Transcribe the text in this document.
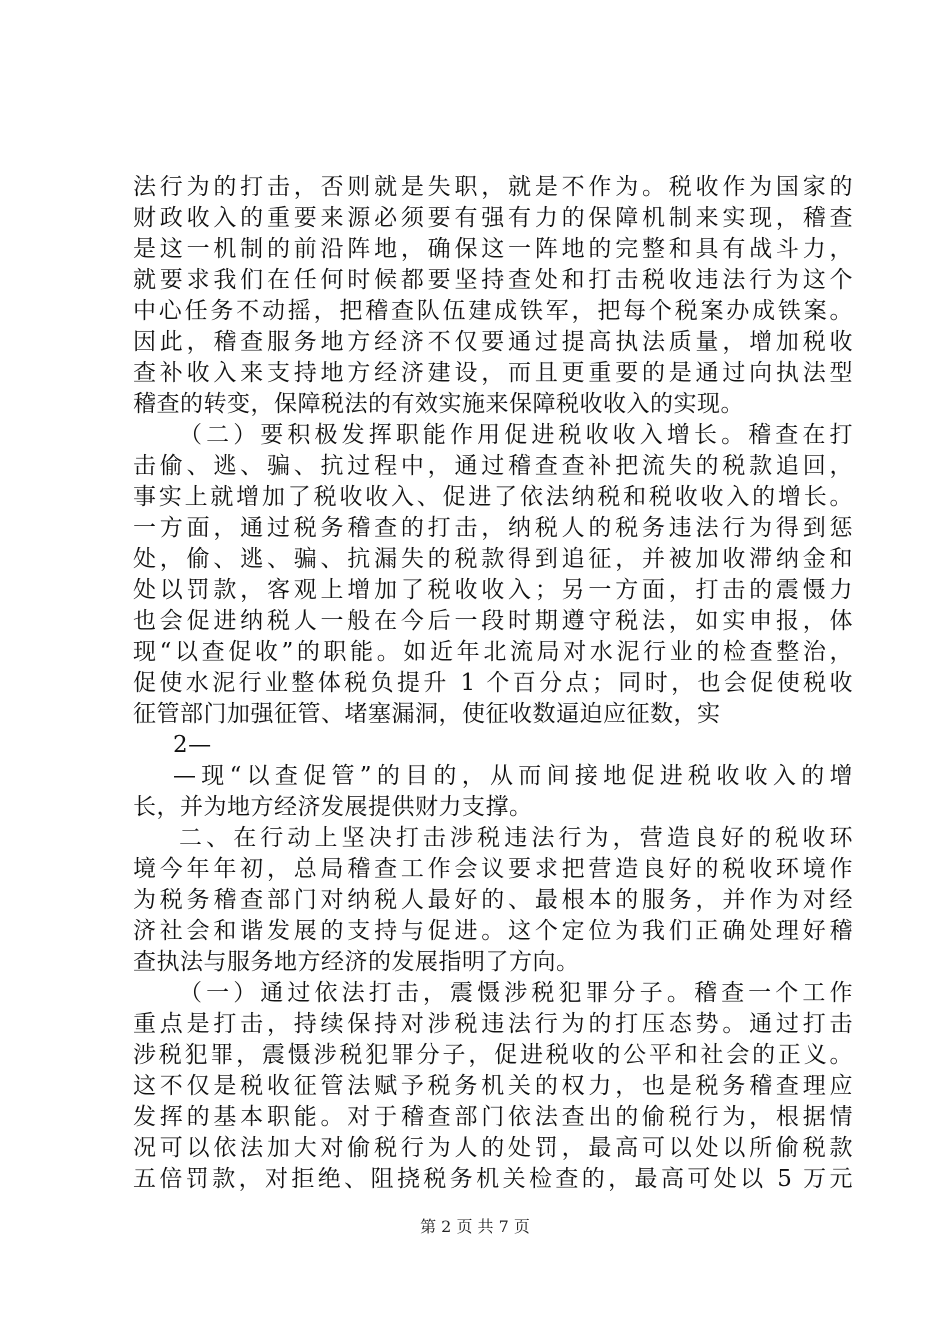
法行为的打击，否则就是失职，就是不作为。税收作为国家的
财政收入的重要来源必须要有强有力的保障机制来实现，稽查
是这一机制的前沿阵地，确保这一阵地的完整和具有战斗力，
就要求我们在任何时候都要坚持查处和打击税收违法行为这个
中心任务不动摇，把稽查队伍建成铁军，把每个税案办成铁案。
因此，稽查服务地方经济不仅要通过提高执法质量，增加税收
查补收入来支持地方经济建设，而且更重要的是通过向执法型
稽查的转变，保障税法的有效实施来保障税收收入的实现。
（二）要积极发挥职能作用促进税收收入增长。稽查在打
击偷、逃、骗、抗过程中，通过稽查查补把流失的税款追回，
事实上就增加了税收收入、促进了依法纳税和税收收入的增长。
一方面，通过税务稽查的打击，纳税人的税务违法行为得到惩
处，偷、逃、骗、抗漏失的税款得到追征，并被加收滞纳金和
处以罚款，客观上增加了税收收入；另一方面，打击的震慑力
也会促进纳税人一般在今后一段时期遵守税法，如实申报，体
现“以查促收”的职能。如近年北流局对水泥行业的检查整治，
促使水泥行业整体税负提升 1 个百分点；同时，也会促使税收
征管部门加强征管、堵塞漏洞，使征收数逼迫应征数，实
2—
—现“以查促管”的目的，从而间接地促进税收收入的增
长，并为地方经济发展提供财力支撑。
二、在行动上坚决打击涉税违法行为，营造良好的税收环
境今年年初，总局稽查工作会议要求把营造良好的税收环境作
为税务稽查部门对纳税人最好的、最根本的服务，并作为对经
济社会和谐发展的支持与促进。这个定位为我们正确处理好稽
查执法与服务地方经济的发展指明了方向。
（一）通过依法打击，震慑涉税犯罪分子。稽查一个工作
重点是打击，持续保持对涉税违法行为的打压态势。通过打击
涉税犯罪，震慑涉税犯罪分子，促进税收的公平和社会的正义。
这不仅是税收征管法赋予税务机关的权力，也是税务稽查理应
发挥的基本职能。对于稽查部门依法查出的偷税行为，根据情
况可以依法加大对偷税行为人的处罚，最高可以处以所偷税款
五倍罚款，对拒绝、阻挠税务机关检查的，最高可处以 5 万元
第 2 页 共 7 页
